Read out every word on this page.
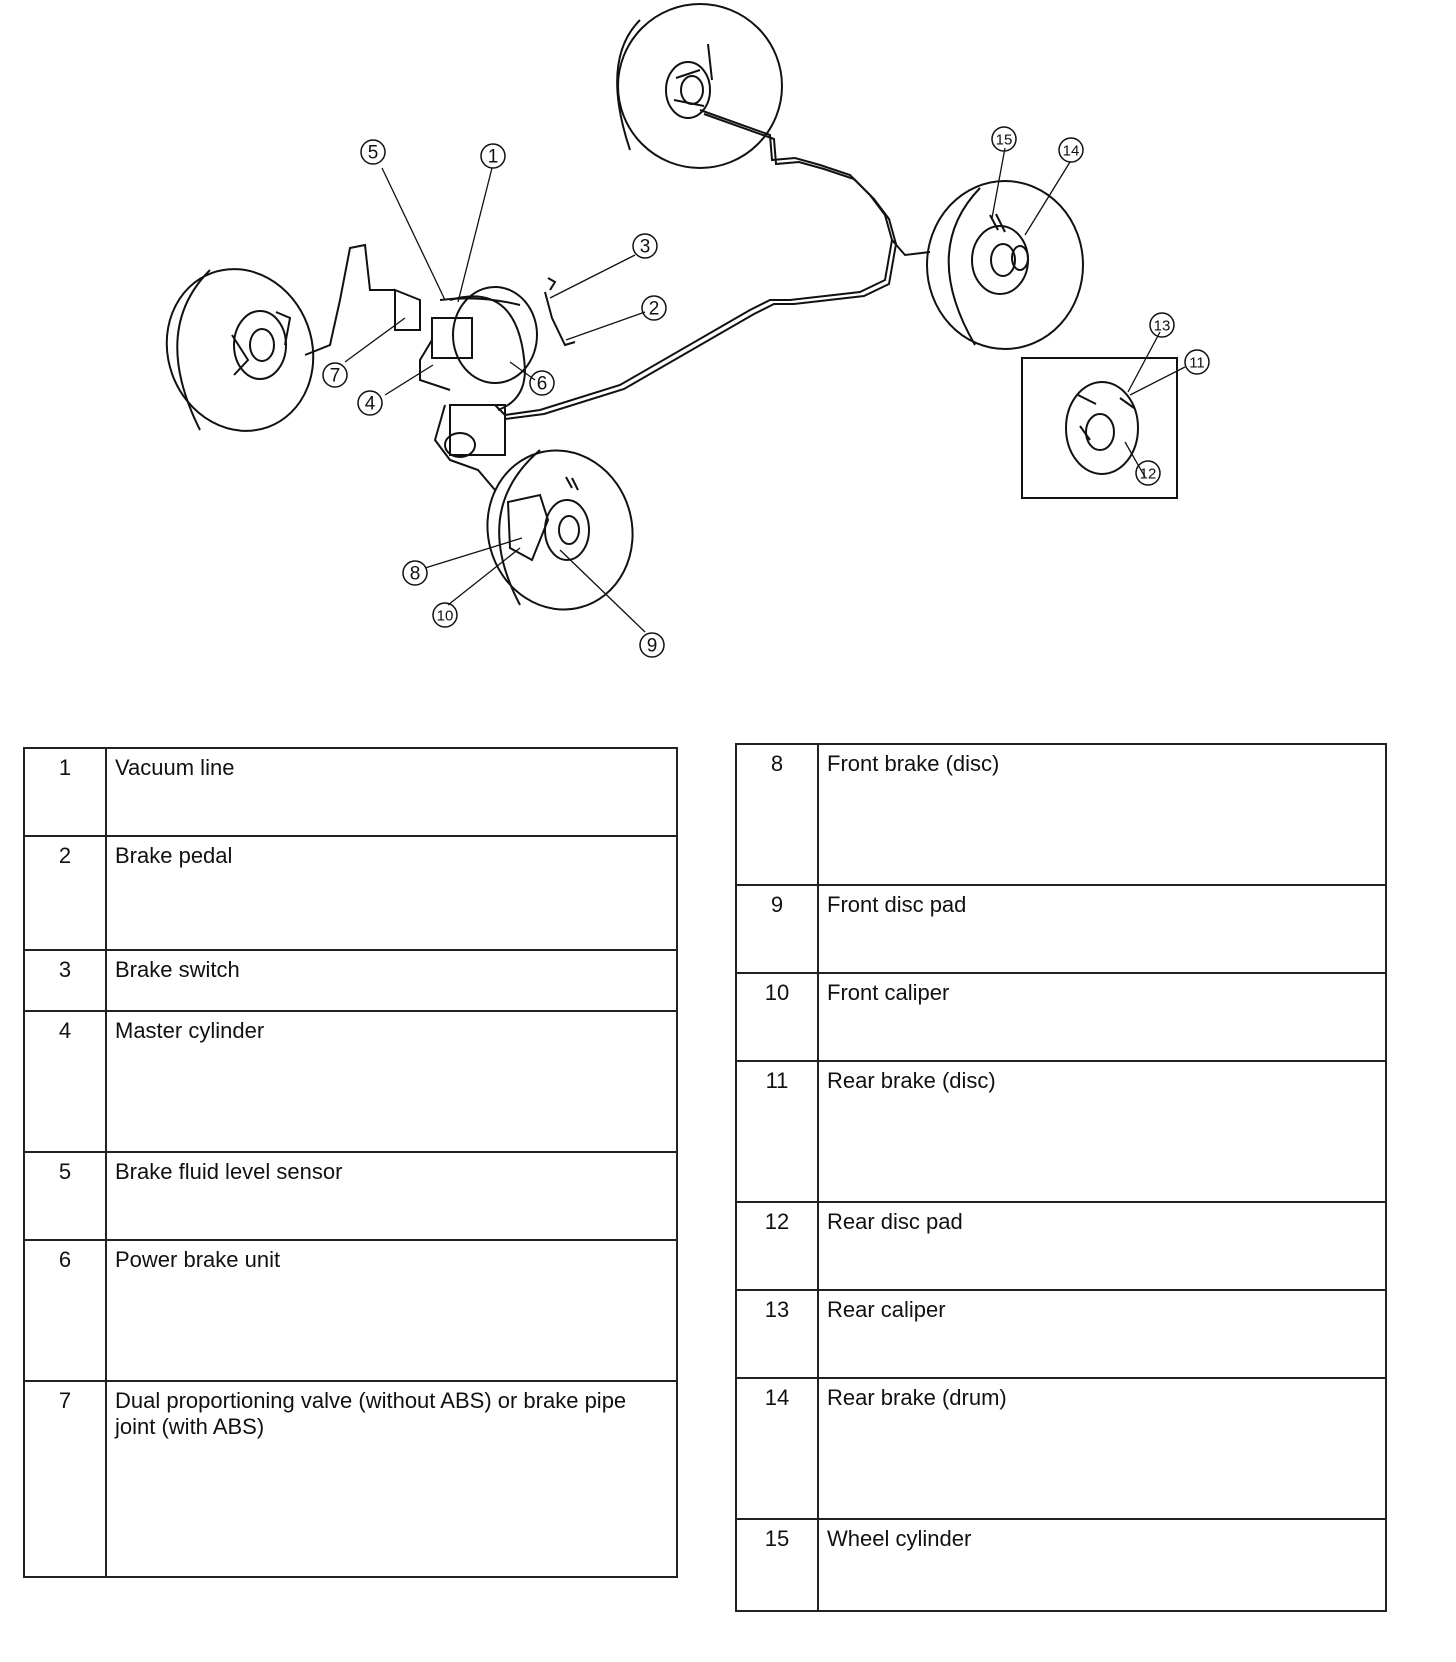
1
2
3
4
5
6
7
8
9
10
11
12
13
14
15
1	Vacuum line
2	Brake pedal
3	Brake switch
4	Master cylinder
5	Brake fluid level sensor
6	Power brake unit
7	Dual proportioning valve (without ABS) or brake pipe joint (with ABS)
8	Front brake (disc)
9	Front disc pad
10	Front caliper
11	Rear brake (disc)
12	Rear disc pad
13	Rear caliper
14	Rear brake (drum)
15	Wheel cylinder
